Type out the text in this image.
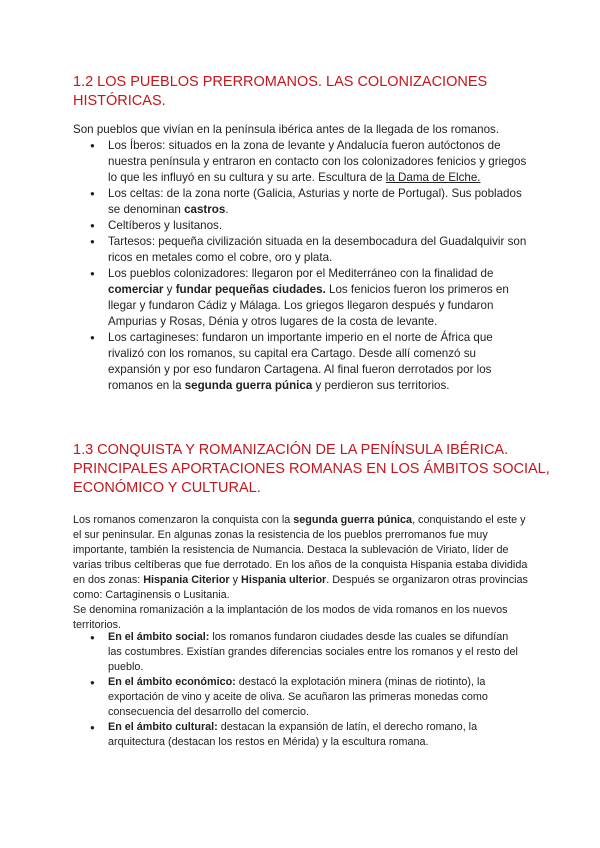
1.2 LOS PUEBLOS PRERROMANOS. LAS COLONIZACIONES HISTÓRICAS.

Son pueblos que vivían en la península ibérica antes de la llegada de los romanos.

● Los Íberos: situados en la zona de levante y Andalucía fueron autóctonos de nuestra península y entraron en contacto con los colonizadores fenicios y griegos lo que les influyó en su cultura y su arte. Escultura de la Dama de Elche.
● Los celtas: de la zona norte (Galicia, Asturias y norte de Portugal). Sus poblados se denominan castros.
● Celtíberos y lusitanos.
● Tartesos: pequeña civilización situada en la desembocadura del Guadalquivir son ricos en metales como el cobre, oro y plata.
● Los pueblos colonizadores: llegaron por el Mediterráneo con la finalidad de comerciar y fundar pequeñas ciudades. Los fenicios fueron los primeros en llegar y fundaron Cádiz y Málaga. Los griegos llegaron después y fundaron Ampurias y Rosas, Dénia y otros lugares de la costa de levante.
● Los cartagineses: fundaron un importante imperio en el norte de África que rivalizó con los romanos, su capital era Cartago. Desde allí comenzó su expansión y por eso fundaron Cartagena. Al final fueron derrotados por los romanos en la segunda guerra púnica y perdieron sus territorios.
1.3 CONQUISTA Y ROMANIZACIÓN DE LA PENÍNSULA IBÉRICA. PRINCIPALES APORTACIONES ROMANAS EN LOS ÁMBITOS SOCIAL, ECONÓMICO Y CULTURAL.

Los romanos comenzaron la conquista con la segunda guerra púnica, conquistando el este y el sur peninsular. En algunas zonas la resistencia de los pueblos prerromanos fue muy importante, también la resistencia de Numancia. Destaca la sublevación de Viriato, líder de varias tribus celtíberas que fue derrotado. En los años de la conquista Hispania estaba dividida en dos zonas: Hispania Citerior y Hispania ulterior. Después se organizaron otras provincias como: Cartaginensis o Lusitania.
Se denomina romanización a la implantación de los modos de vida romanos en los nuevos territorios.

● En el ámbito social: los romanos fundaron ciudades desde las cuales se difundían las costumbres. Existían grandes diferencias sociales entre los romanos y el resto del pueblo.
● En el ámbito económico: destacó la explotación minera (minas de riotinto), la exportación de vino y aceite de oliva. Se acuñaron las primeras monedas como consecuencia del desarrollo del comercio.
● En el ámbito cultural: destacan la expansión de latín, el derecho romano, la arquitectura (destacan los restos en Mérida) y la escultura romana.
